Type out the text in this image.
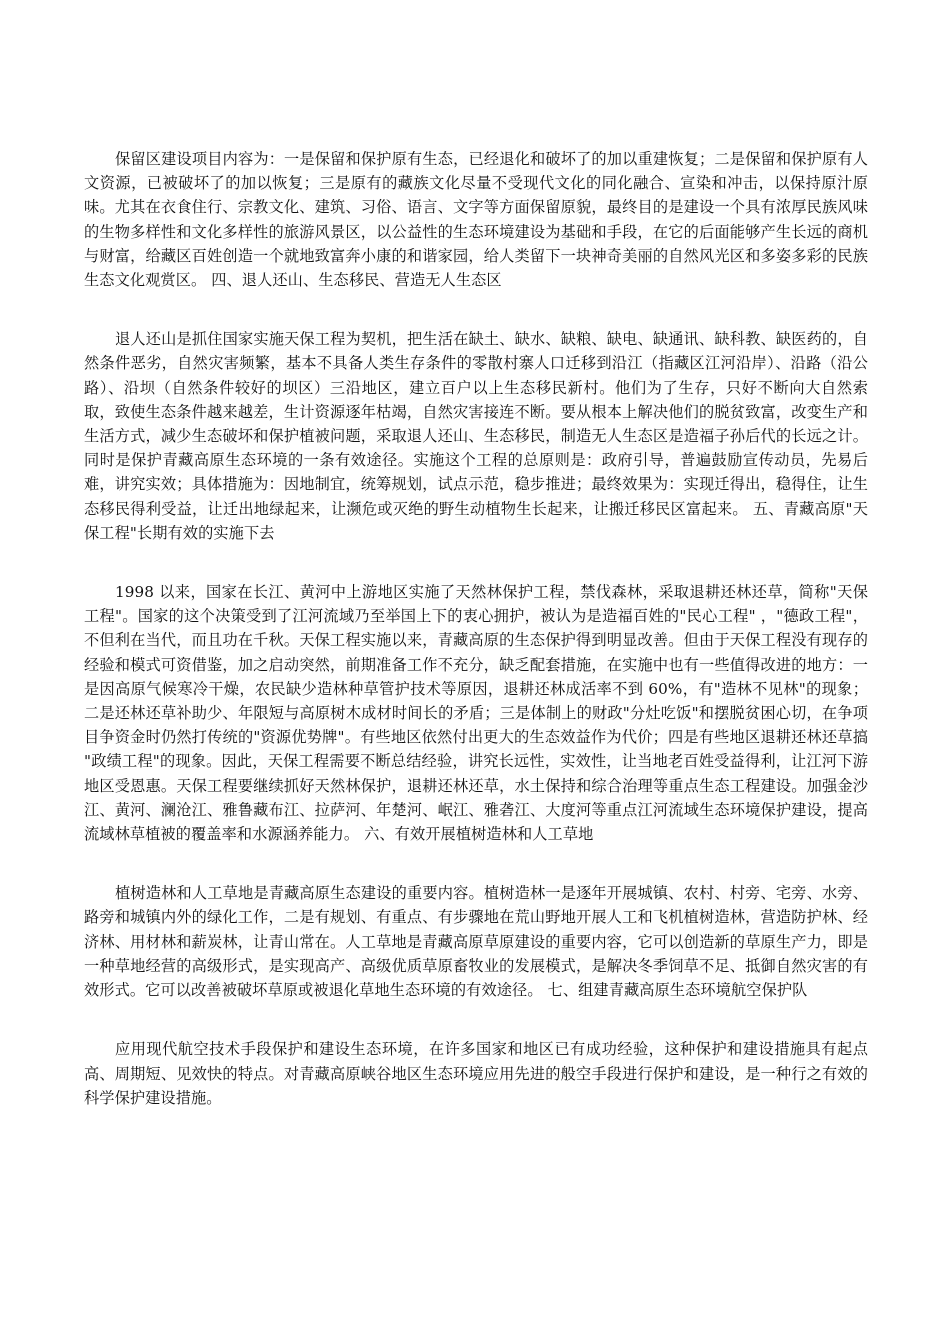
保留区建设项目内容为：一是保留和保护原有生态，已经退化和破坏了的加以重建恢复；二是保留和保护原有人文资源，已被破坏了的加以恢复；三是原有的藏族文化尽量不受现代文化的同化融合、宣染和冲击，以保持原汁原味。尤其在衣食住行、宗教文化、建筑、习俗、语言、文字等方面保留原貌，最终目的是建设一个具有浓厚民族风味的生物多样性和文化多样性的旅游风景区，以公益性的生态环境建设为基础和手段，在它的后面能够产生长远的商机与财富，给藏区百姓创造一个就地致富奔小康的和谐家园，给人类留下一块神奇美丽的自然风光区和多姿多彩的民族生态文化观赏区。 四、退人还山、生态移民、营造无人生态区

退人还山是抓住国家实施天保工程为契机，把生活在缺土、缺水、缺粮、缺电、缺通讯、缺科教、缺医药的，自然条件恶劣，自然灾害频繁，基本不具备人类生存条件的零散村寨人口迁移到沿江（指藏区江河沿岸）、沿路（沿公路）、沿坝（自然条件较好的坝区）三沿地区，建立百户以上生态移民新村。他们为了生存，只好不断向大自然索取，致使生态条件越来越差，生计资源逐年枯竭，自然灾害接连不断。要从根本上解决他们的脱贫致富，改变生产和生活方式，减少生态破坏和保护植被问题，采取退人还山、生态移民，制造无人生态区是造福子孙后代的长远之计。同时是保护青藏高原生态环境的一条有效途径。实施这个工程的总原则是：政府引导，普遍鼓励宣传动员，先易后难，讲究实效；具体措施为：因地制宜，统筹规划，试点示范，稳步推进；最终效果为：实现迁得出，稳得住，让生态移民得利受益，让迁出地绿起来，让濒危或灭绝的野生动植物生长起来，让搬迁移民区富起来。 五、青藏高原"天保工程"长期有效的实施下去

1998 以来，国家在长江、黄河中上游地区实施了天然林保护工程，禁伐森林，采取退耕还林还草，简称"天保工程"。国家的这个决策受到了江河流域乃至举国上下的衷心拥护，被认为是造福百姓的"民心工程" ，"德政工程"，不但利在当代，而且功在千秋。天保工程实施以来，青藏高原的生态保护得到明显改善。但由于天保工程没有现存的经验和模式可资借鉴，加之启动突然，前期准备工作不充分，缺乏配套措施，在实施中也有一些值得改进的地方：一是因高原气候寒冷干燥，农民缺少造林种草管护技术等原因，退耕还林成活率不到 60%，有"造林不见林"的现象；二是还林还草补助少、年限短与高原树木成材时间长的矛盾；三是体制上的财政"分灶吃饭"和摆脱贫困心切，在争项目争资金时仍然打传统的"资源优势牌"。有些地区依然付出更大的生态效益作为代价；四是有些地区退耕还林还草搞 "政绩工程"的现象。因此，天保工程需要不断总结经验，讲究长远性，实效性，让当地老百姓受益得利，让江河下游地区受恩惠。天保工程要继续抓好天然林保护，退耕还林还草，水土保持和综合治理等重点生态工程建设。加强金沙江、黄河、澜沧江、雅鲁藏布江、拉萨河、年楚河、岷江、雅砻江、大度河等重点江河流域生态环境保护建设，提高流域林草植被的覆盖率和水源涵养能力。 六、有效开展植树造林和人工草地

植树造林和人工草地是青藏高原生态建设的重要内容。植树造林一是逐年开展城镇、农村、村旁、宅旁、水旁、路旁和城镇内外的绿化工作，二是有规划、有重点、有步骤地在荒山野地开展人工和飞机植树造林，营造防护林、经济林、用材林和薪炭林，让青山常在。人工草地是青藏高原草原建设的重要内容，它可以创造新的草原生产力，即是一种草地经营的高级形式，是实现高产、高级优质草原畜牧业的发展模式，是解决冬季饲草不足、抵御自然灾害的有效形式。它可以改善被破坏草原或被退化草地生态环境的有效途径。 七、组建青藏高原生态环境航空保护队

应用现代航空技术手段保护和建设生态环境，在许多国家和地区已有成功经验，这种保护和建设措施具有起点高、周期短、见效快的特点。对青藏高原峡谷地区生态环境应用先进的般空手段进行保护和建设，是一种行之有效的科学保护建设措施。
